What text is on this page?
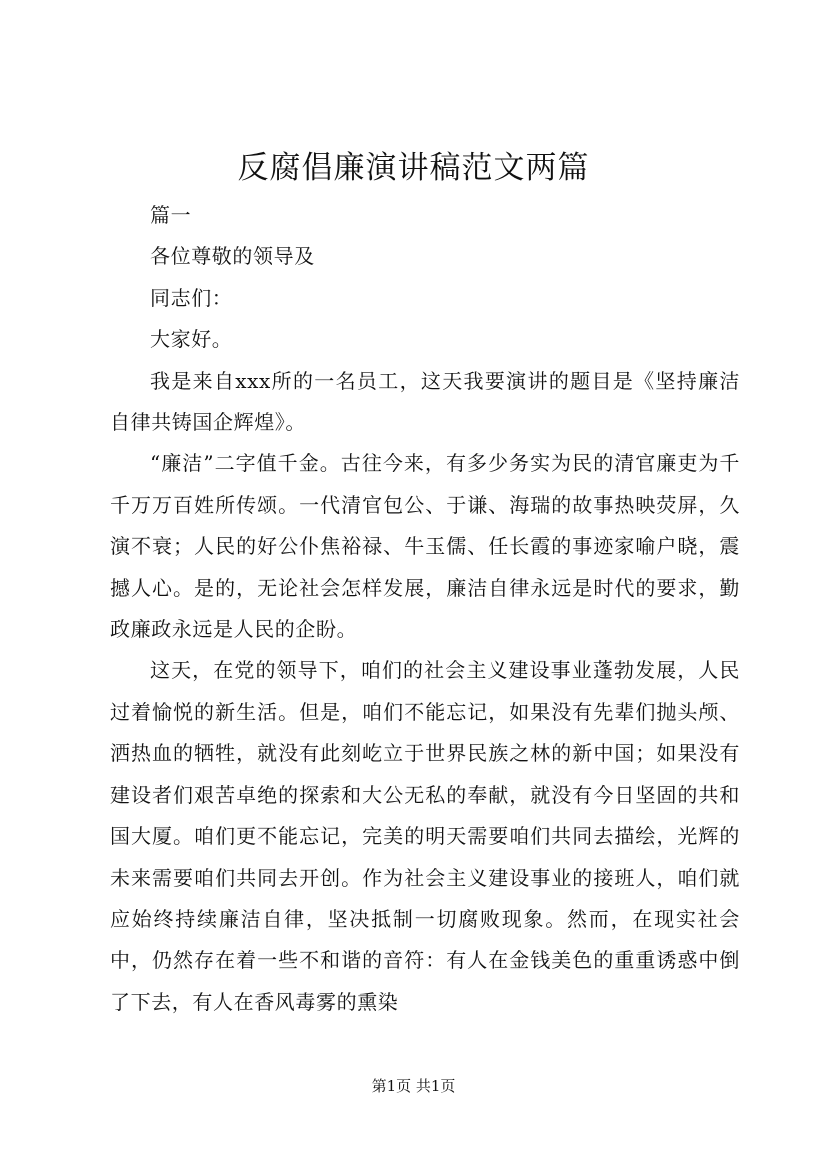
反腐倡廉演讲稿范文两篇

篇一

各位尊敬的领导及

同志们：

大家好。

我是来自xxx所的一名员工，这天我要演讲的题目是《坚持廉洁自律共铸国企辉煌》。

“廉洁”二字值千金。古往今来，有多少务实为民的清官廉吏为千千万万百姓所传颂。一代清官包公、于谦、海瑞的故事热映荧屏，久演不衰；人民的好公仆焦裕禄、牛玉儒、任长霞的事迹家喻户晓，震撼人心。是的，无论社会怎样发展，廉洁自律永远是时代的要求，勤政廉政永远是人民的企盼。

这天，在党的领导下，咱们的社会主义建设事业蓬勃发展，人民过着愉悦的新生活。但是，咱们不能忘记，如果没有先辈们抛头颅、洒热血的牺牲，就没有此刻屹立于世界民族之林的新中国；如果没有建设者们艰苦卓绝的探索和大公无私的奉献，就没有今日坚固的共和国大厦。咱们更不能忘记，完美的明天需要咱们共同去描绘，光辉的未来需要咱们共同去开创。作为社会主义建设事业的接班人，咱们就应始终持续廉洁自律，坚决抵制一切腐败现象。然而，在现实社会中，仍然存在着一些不和谐的音符：有人在金钱美色的重重诱惑中倒了下去，有人在香风毒雾的熏染

第1页 共1页
